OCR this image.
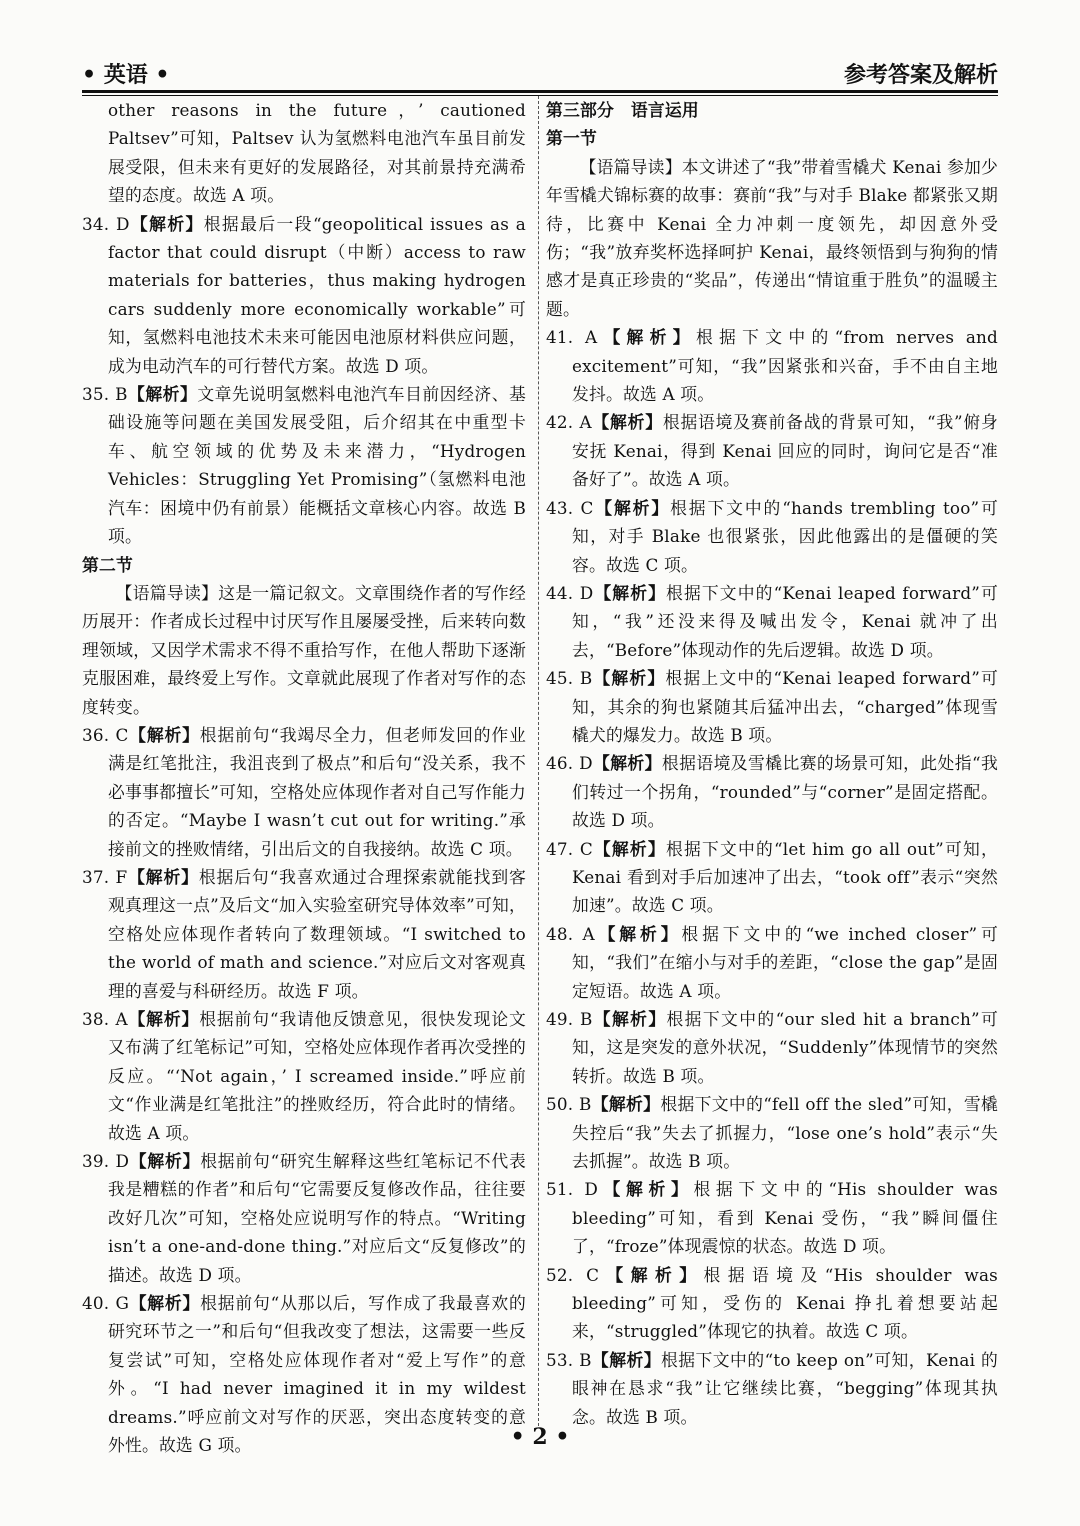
• 英语 •	参考答案及解析

other reasons in the future，’ cautioned Paltsev”可知，Paltsev 认为氢燃料电池汽车虽目前发展受限，但未来有更好的发展路径，对其前景持充满希望的态度。故选 A 项。

34. D【解析】根据最后一段“geopolitical issues as a factor that could disrupt（中断）access to raw materials for batteries，thus making hydrogen cars suddenly more economically workable”可知，氢燃料电池技术未来可能因电池原材料供应问题，成为电动汽车的可行替代方案。故选 D 项。

35. B【解析】文章先说明氢燃料电池汽车目前因经济、基础设施等问题在美国发展受阻，后介绍其在中重型卡车、航空领域的优势及未来潜力，“Hydrogen Vehicles：Struggling Yet Promising”（氢燃料电池汽车：困境中仍有前景）能概括文章核心内容。故选 B 项。

第二节

【语篇导读】这是一篇记叙文。文章围绕作者的写作经历展开：作者成长过程中讨厌写作且屡屡受挫，后来转向数理领域，又因学术需求不得不重拾写作，在他人帮助下逐渐克服困难，最终爱上写作。文章就此展现了作者对写作的态度转变。

36. C【解析】根据前句“我竭尽全力，但老师发回的作业满是红笔批注，我沮丧到了极点”和后句“没关系，我不必事事都擅长”可知，空格处应体现作者对自己写作能力的否定。“Maybe I wasn’t cut out for writing.”承接前文的挫败情绪，引出后文的自我接纳。故选 C 项。

37. F【解析】根据后句“我喜欢通过合理探索就能找到客观真理这一点”及后文“加入实验室研究导体效率”可知，空格处应体现作者转向了数理领域。“I switched to the world of math and science.”对应后文对客观真理的喜爱与科研经历。故选 F 项。

38. A【解析】根据前句“我请他反馈意见，很快发现论文又布满了红笔标记”可知，空格处应体现作者再次受挫的反应。“‘Not again，’ I screamed inside.”呼应前文“作业满是红笔批注”的挫败经历，符合此时的情绪。故选 A 项。

39. D【解析】根据前句“研究生解释这些红笔标记不代表我是糟糕的作者”和后句“它需要反复修改作品，往往要改好几次”可知，空格处应说明写作的特点。“Writing isn’t a one-and-done thing.”对应后文“反复修改”的描述。故选 D 项。

40. G【解析】根据前句“从那以后，写作成了我最喜欢的研究环节之一”和后句“但我改变了想法，这需要一些反复尝试”可知，空格处应体现作者对“爱上写作”的意外。“I had never imagined it in my wildest dreams.”呼应前文对写作的厌恶，突出态度转变的意外性。故选 G 项。

第三部分　语言运用

第一节

【语篇导读】本文讲述了“我”带着雪橇犬 Kenai 参加少年雪橇犬锦标赛的故事：赛前“我”与对手 Blake 都紧张又期待，比赛中 Kenai 全力冲刺一度领先，却因意外受伤；“我”放弃奖杯选择呵护 Kenai，最终领悟到与狗狗的情感才是真正珍贵的“奖品”，传递出“情谊重于胜负”的温暖主题。

41. A【解析】根据下文中的“from nerves and excitement”可知，“我”因紧张和兴奋，手不由自主地发抖。故选 A 项。

42. A【解析】根据语境及赛前备战的背景可知，“我”俯身安抚 Kenai，得到 Kenai 回应的同时，询问它是否“准备好了”。故选 A 项。

43. C【解析】根据下文中的“hands trembling too”可知，对手 Blake 也很紧张，因此他露出的是僵硬的笑容。故选 C 项。

44. D【解析】根据下文中的“Kenai leaped forward”可知，“我”还没来得及喊出发令，Kenai 就冲了出去，“Before”体现动作的先后逻辑。故选 D 项。

45. B【解析】根据上文中的“Kenai leaped forward”可知，其余的狗也紧随其后猛冲出去，“charged”体现雪橇犬的爆发力。故选 B 项。

46. D【解析】根据语境及雪橇比赛的场景可知，此处指“我们转过一个拐角，“rounded”与“corner”是固定搭配。故选 D 项。

47. C【解析】根据下文中的“let him go all out”可知，Kenai 看到对手后加速冲了出去，“took off”表示“突然加速”。故选 C 项。

48. A【解析】根据下文中的“we inched closer”可知，“我们”在缩小与对手的差距，“close the gap”是固定短语。故选 A 项。

49. B【解析】根据下文中的“our sled hit a branch”可知，这是突发的意外状况，“Suddenly”体现情节的突然转折。故选 B 项。

50. B【解析】根据下文中的“fell off the sled”可知，雪橇失控后“我”失去了抓握力，“lose one’s hold”表示“失去抓握”。故选 B 项。

51. D【解析】根据下文中的“His shoulder was bleeding”可知，看到 Kenai 受伤，“我”瞬间僵住了，“froze”体现震惊的状态。故选 D 项。

52. C【解析】根据语境及“His shoulder was bleeding”可知，受伤的 Kenai 挣扎着想要站起来，“struggled”体现它的执着。故选 C 项。

53. B【解析】根据下文中的“to keep on”可知，Kenai 的眼神在恳求“我”让它继续比赛，“begging”体现其执念。故选 B 项。

• 2 •
